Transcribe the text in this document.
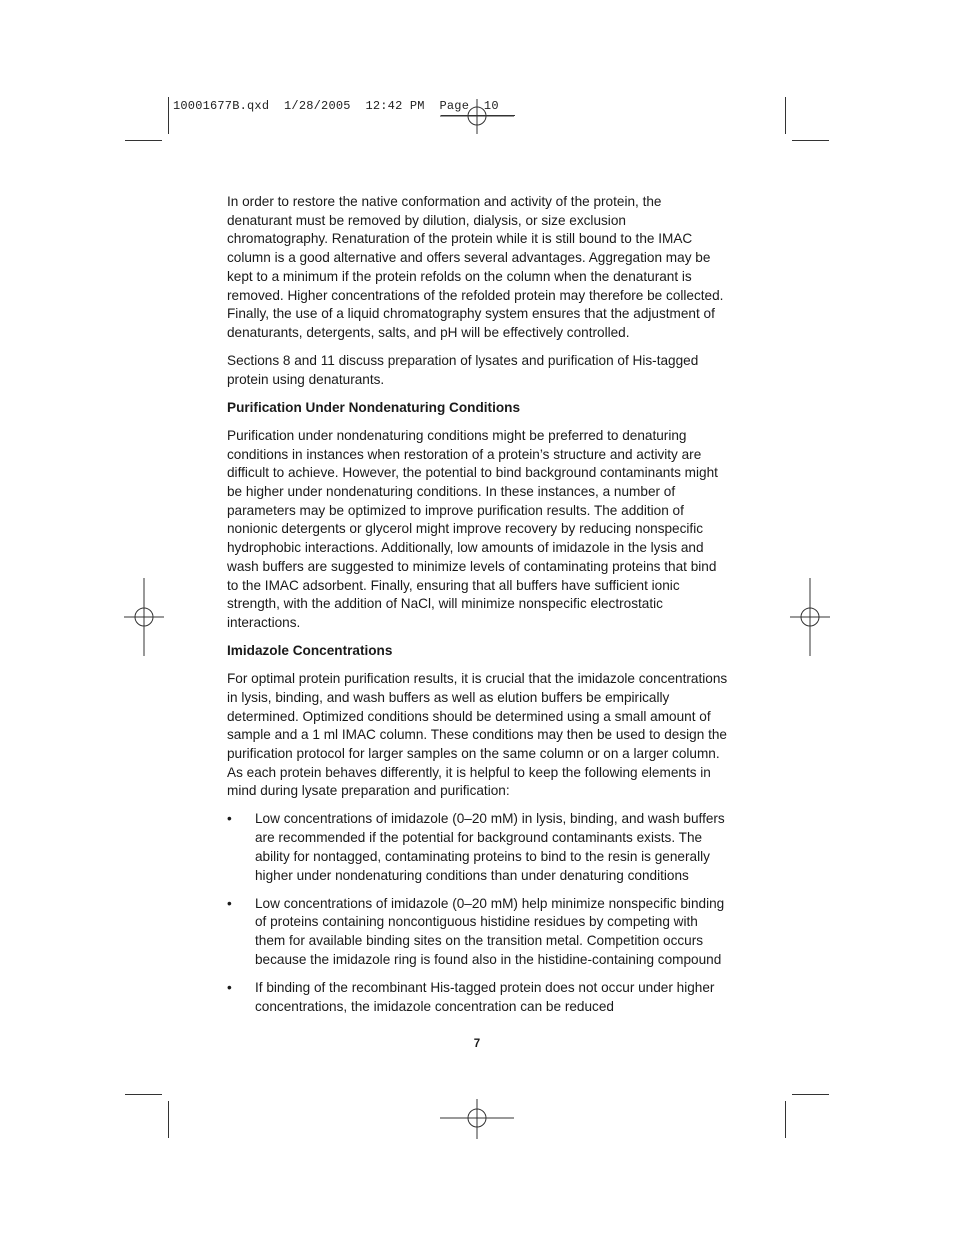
10001677B.qxd 1/28/2005 12:42 PM Page 10

In order to restore the native conformation and activity of the protein, the denaturant must be removed by dilution, dialysis, or size exclusion chromatography. Renaturation of the protein while it is still bound to the IMAC column is a good alternative and offers several advantages. Aggregation may be kept to a minimum if the protein refolds on the column when the denaturant is removed. Higher concentrations of the refolded protein may therefore be collected. Finally, the use of a liquid chromatography system ensures that the adjustment of denaturants, detergents, salts, and pH will be effectively controlled.

Sections 8 and 11 discuss preparation of lysates and purification of His-tagged protein using denaturants.

Purification Under Nondenaturing Conditions

Purification under nondenaturing conditions might be preferred to denaturing conditions in instances when restoration of a protein’s structure and activity are difficult to achieve. However, the potential to bind background contaminants might be higher under nondenaturing conditions. In these instances, a number of parameters may be optimized to improve purification results. The addition of nonionic detergents or glycerol might improve recovery by reducing nonspecific hydrophobic interactions. Additionally, low amounts of imidazole in the lysis and wash buffers are suggested to minimize levels of contaminating proteins that bind to the IMAC adsorbent. Finally, ensuring that all buffers have sufficient ionic strength, with the addition of NaCl, will minimize nonspecific electrostatic interactions.

Imidazole Concentrations

For optimal protein purification results, it is crucial that the imidazole concentrations in lysis, binding, and wash buffers as well as elution buffers be empirically determined. Optimized conditions should be determined using a small amount of sample and a 1 ml IMAC column. These conditions may then be used to design the purification protocol for larger samples on the same column or on a larger column. As each protein behaves differently, it is helpful to keep the following elements in mind during lysate preparation and purification:

• Low concentrations of imidazole (0–20 mM) in lysis, binding, and wash buffers are recommended if the potential for background contaminants exists. The ability for nontagged, contaminating proteins to bind to the resin is generally higher under nondenaturing conditions than under denaturing conditions
• Low concentrations of imidazole (0–20 mM) help minimize nonspecific binding of proteins containing noncontiguous histidine residues by competing with them for available binding sites on the transition metal. Competition occurs because the imidazole ring is found also in the histidine-containing compound
• If binding of the recombinant His-tagged protein does not occur under higher concentrations, the imidazole concentration can be reduced
7
